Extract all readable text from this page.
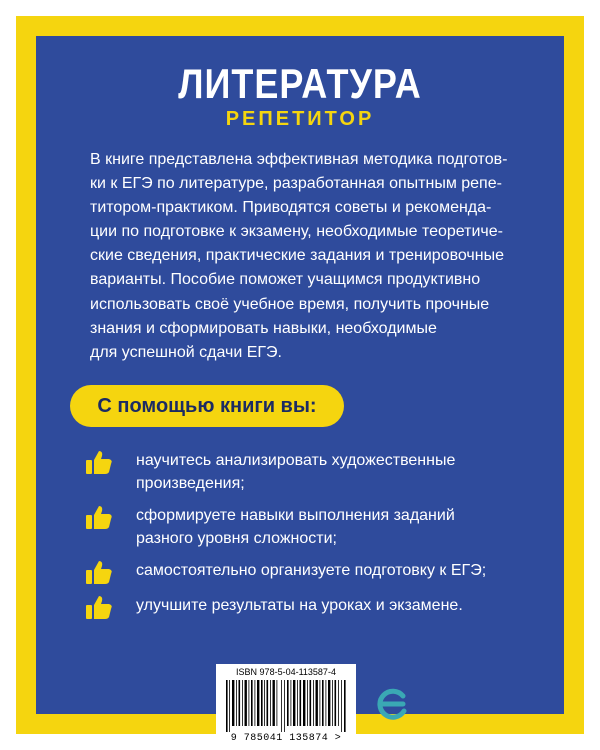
ЛИТЕРАТУРА
РЕПЕТИТОР
В книге представлена эффективная методика подготов-
ки к ЕГЭ по литературе, разработанная опытным репе-
титором-практиком. Приводятся советы и рекоменда-
ции по подготовке к экзамену, необходимые теоретиче-
ские сведения, практические задания и тренировочные
варианты. Пособие поможет учащимся продуктивно
использовать своё учебное время, получить прочные
знания и сформировать навыки, необходимые
для успешной сдачи ЕГЭ.
С помощью книги вы:
научитесь анализировать художественные
произведения;
сформируете навыки выполнения заданий
разного уровня сложности;
самостоятельно организуете подготовку к ЕГЭ;
улучшите результаты на уроках и экзамене.
ISBN 978-5-04-113587-4
9 785041 135874 >
